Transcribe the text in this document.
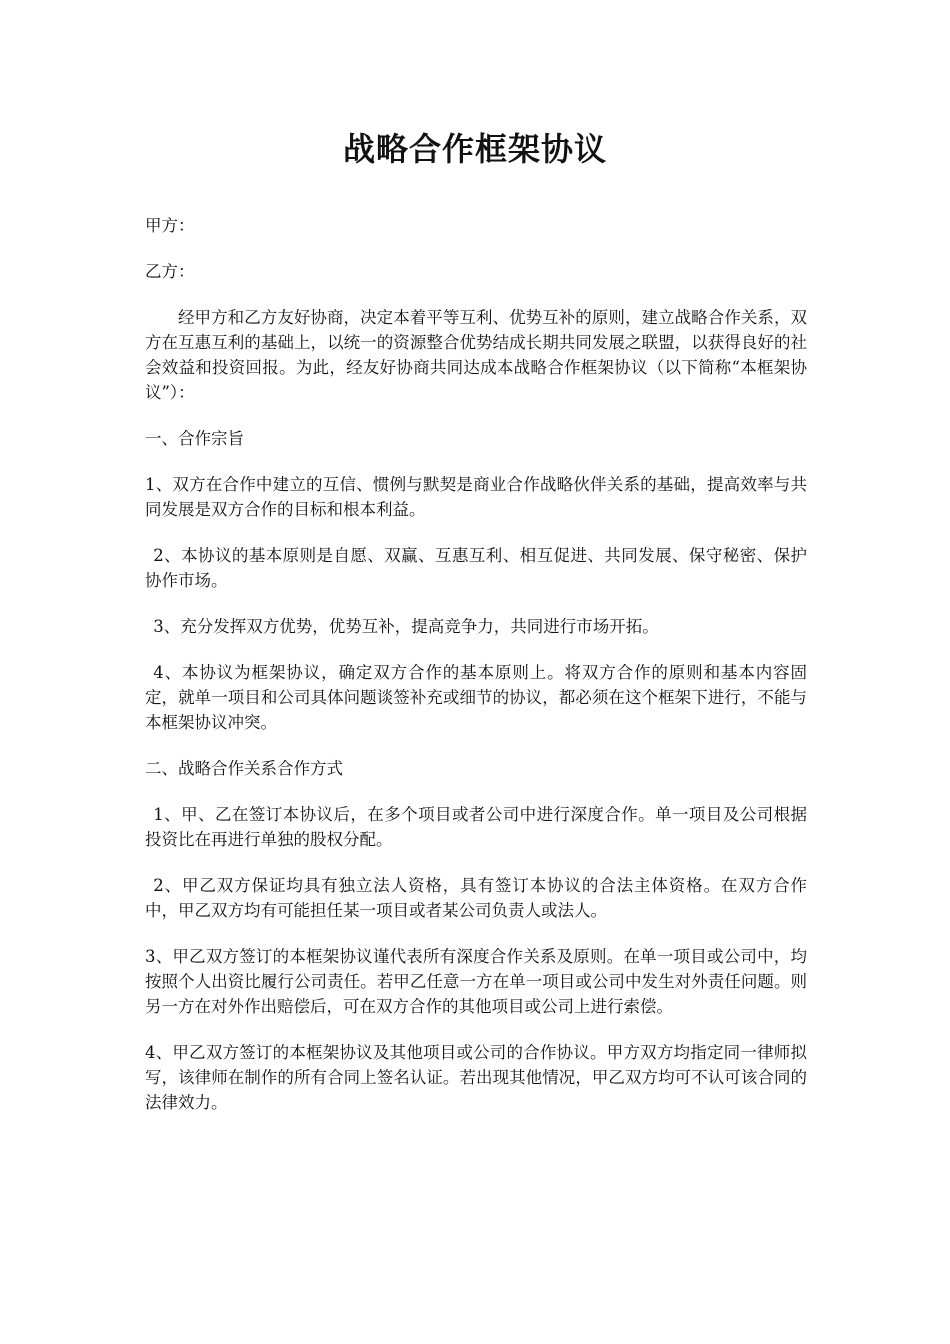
战略合作框架协议

甲方：

乙方：

经甲方和乙方友好协商，决定本着平等互利、优势互补的原则，建立战略合作关系，双方在互惠互利的基础上，以统一的资源整合优势结成长期共同发展之联盟，以获得良好的社会效益和投资回报。为此，经友好协商共同达成本战略合作框架协议（以下简称“本框架协议”）：

一、合作宗旨

1、双方在合作中建立的互信、惯例与默契是商业合作战略伙伴关系的基础，提高效率与共同发展是双方合作的目标和根本利益。

2、本协议的基本原则是自愿、双赢、互惠互利、相互促进、共同发展、保守秘密、保护协作市场。

3、充分发挥双方优势，优势互补，提高竞争力，共同进行市场开拓。

4、本协议为框架协议，确定双方合作的基本原则上。将双方合作的原则和基本内容固定，就单一项目和公司具体问题谈签补充或细节的协议，都必须在这个框架下进行，不能与本框架协议冲突。

二、战略合作关系合作方式

1、甲、乙在签订本协议后，在多个项目或者公司中进行深度合作。单一项目及公司根据投资比在再进行单独的股权分配。

2、甲乙双方保证均具有独立法人资格，具有签订本协议的合法主体资格。在双方合作中，甲乙双方均有可能担任某一项目或者某公司负责人或法人。

3、甲乙双方签订的本框架协议谨代表所有深度合作关系及原则。在单一项目或公司中，均按照个人出资比履行公司责任。若甲乙任意一方在单一项目或公司中发生对外责任问题。则另一方在对外作出赔偿后，可在双方合作的其他项目或公司上进行索偿。

4、甲乙双方签订的本框架协议及其他项目或公司的合作协议。甲方双方均指定同一律师拟写，该律师在制作的所有合同上签名认证。若出现其他情况，甲乙双方均可不认可该合同的法律效力。
